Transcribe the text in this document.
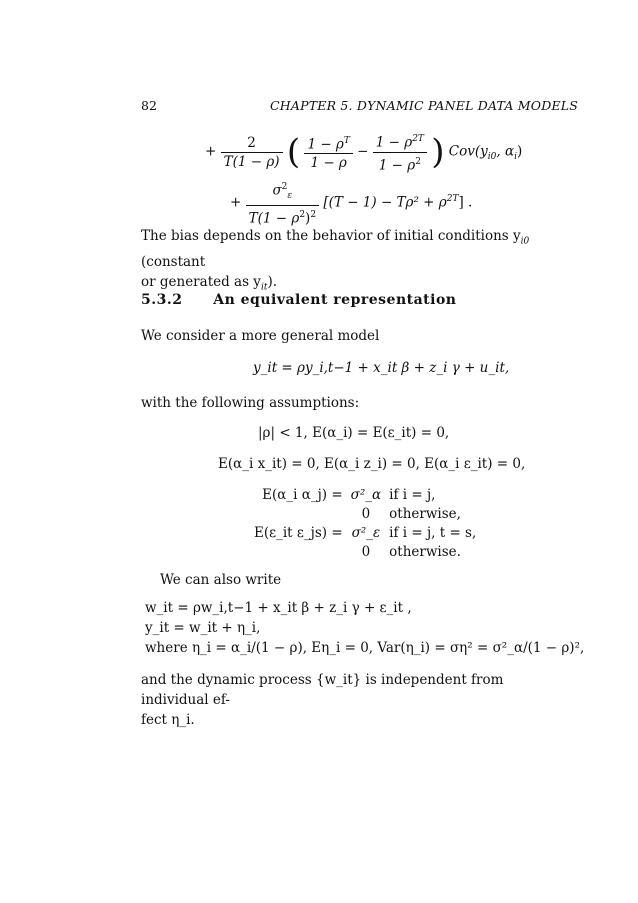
82	CHAPTER 5. DYNAMIC PANEL DATA MODELS
+ $\frac{2}{T(1 - \rho)}$ ( $\frac{1 - \rho^T}{1 - \rho} - \frac{1 - \rho^{2T}}{1 - \rho^2}$ ) $Cov(y_{i0}$, $\alpha_i$)
+ $\frac{\sigma^2_\varepsilon}{T(1 - \rho^2)^2} [(T - 1) - T\rho^2 + \rho^{2T}]$ .
The bias depends on the behavior of initial conditions $y_{i0}$ (constant
or generated as $y_{it}$).
5.3.2 An equivalent representation
We consider a more general model
y_it = ρy_i,t−1 + x_it β + z_i γ + u_it,
with the following assumptions:
|ρ| < 1, E(α_i) = E(ε_it) = 0,
E(α_i x_it) = 0, E(α_i z_i) = 0, E(α_i ε_it) = 0,
E(α_i α_j) =	σ²_α	if i = j,
	0	otherwise,
E(ε_it ε_js) =	σ²_ε	if i = j, t = s,
	0	otherwise.
We can also write
w_it = ρw_i,t−1 + x_it β + z_i γ + ε_it ,
y_it = w_it + η_i,
where η_i = α_i/(1 − ρ), Eη_i = 0, Var(η_i) = ση² = σ²_α/(1 − ρ)²,
and the dynamic process {w_it} is independent from individual ef-
fect η_i.
